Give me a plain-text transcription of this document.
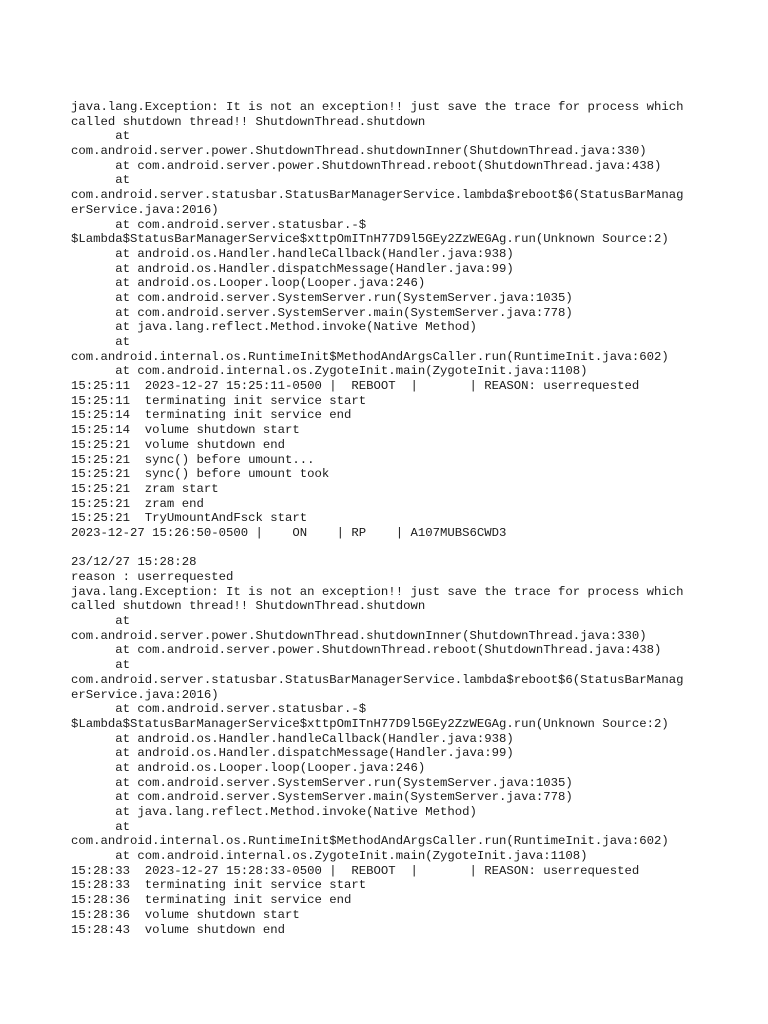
java.lang.Exception: It is not an exception!! just save the trace for process which
called shutdown thread!! ShutdownThread.shutdown
at
com.android.server.power.ShutdownThread.shutdownInner(ShutdownThread.java:330)
at com.android.server.power.ShutdownThread.reboot(ShutdownThread.java:438)
at
com.android.server.statusbar.StatusBarManagerService.lambda$reboot$6(StatusBarManag
erService.java:2016)
at com.android.server.statusbar.-$
$Lambda$StatusBarManagerService$xttpOmITnH77D9l5GEy2ZzWEGAg.run(Unknown Source:2)
at android.os.Handler.handleCallback(Handler.java:938)
at android.os.Handler.dispatchMessage(Handler.java:99)
at android.os.Looper.loop(Looper.java:246)
at com.android.server.SystemServer.run(SystemServer.java:1035)
at com.android.server.SystemServer.main(SystemServer.java:778)
at java.lang.reflect.Method.invoke(Native Method)
at
com.android.internal.os.RuntimeInit$MethodAndArgsCaller.run(RuntimeInit.java:602)
at com.android.internal.os.ZygoteInit.main(ZygoteInit.java:1108)
15:25:11  2023-12-27 15:25:11-0500 |  REBOOT  |       | REASON: userrequested
15:25:11  terminating init service start
15:25:14  terminating init service end
15:25:14  volume shutdown start
15:25:21  volume shutdown end
15:25:21  sync() before umount...
15:25:21  sync() before umount took
15:25:21  zram start
15:25:21  zram end
15:25:21  TryUmountAndFsck start
2023-12-27 15:26:50-0500 |    ON    | RP    | A107MUBS6CWD3
23/12/27 15:28:28
reason : userrequested
java.lang.Exception: It is not an exception!! just save the trace for process which
called shutdown thread!! ShutdownThread.shutdown
at
com.android.server.power.ShutdownThread.shutdownInner(ShutdownThread.java:330)
at com.android.server.power.ShutdownThread.reboot(ShutdownThread.java:438)
at
com.android.server.statusbar.StatusBarManagerService.lambda$reboot$6(StatusBarManag
erService.java:2016)
at com.android.server.statusbar.-$
$Lambda$StatusBarManagerService$xttpOmITnH77D9l5GEy2ZzWEGAg.run(Unknown Source:2)
at android.os.Handler.handleCallback(Handler.java:938)
at android.os.Handler.dispatchMessage(Handler.java:99)
at android.os.Looper.loop(Looper.java:246)
at com.android.server.SystemServer.run(SystemServer.java:1035)
at com.android.server.SystemServer.main(SystemServer.java:778)
at java.lang.reflect.Method.invoke(Native Method)
at
com.android.internal.os.RuntimeInit$MethodAndArgsCaller.run(RuntimeInit.java:602)
at com.android.internal.os.ZygoteInit.main(ZygoteInit.java:1108)
15:28:33  2023-12-27 15:28:33-0500 |  REBOOT  |       | REASON: userrequested
15:28:33  terminating init service start
15:28:36  terminating init service end
15:28:36  volume shutdown start
15:28:43  volume shutdown end
